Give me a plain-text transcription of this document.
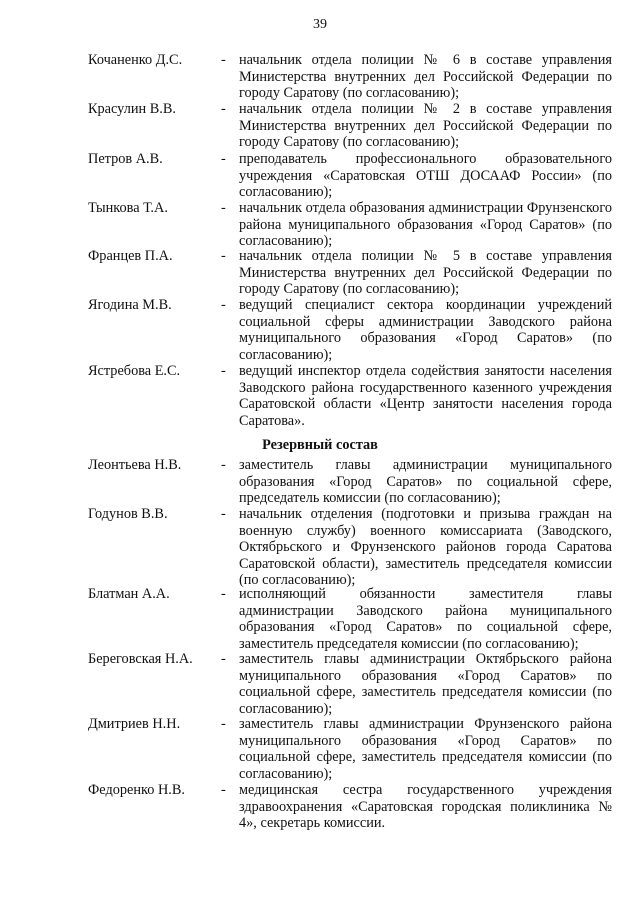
39
Кочаненко Д.С.	- начальник отдела полиции № 6 в составе управления Министерства внутренних дел Российской Федерации по городу Саратову (по согласованию);
Красулин В.В.	- начальник отдела полиции № 2 в составе управления Министерства внутренних дел Российской Федерации по городу Саратову (по согласованию);
Петров А.В.	- преподаватель профессионального образовательного учреждения «Саратовская ОТШ ДОСААФ России» (по согласованию);
Тынкова Т.А.	- начальник отдела образования администрации Фрунзенского района муниципального образования «Город Саратов» (по согласованию);
Францев П.А.	- начальник отдела полиции № 5 в составе управления Министерства внутренних дел Российской Федерации по городу Саратову (по согласованию);
Ягодина М.В.	- ведущий специалист сектора координации учреждений социальной сферы администрации Заводского района муниципального образования «Город Саратов» (по согласованию);
Ястребова Е.С.	- ведущий инспектор отдела содействия занятости населения Заводского района государственного казенного учреждения Саратовской области «Центр занятости населения города Саратова».
Резервный состав
Леонтьева Н.В.	- заместитель главы администрации муниципального образования «Город Саратов» по социальной сфере, председатель комиссии (по согласованию);
Годунов В.В.	- начальник отделения (подготовки и призыва граждан на военную службу) военного комиссариата (Заводского, Октябрьского и Фрунзенского районов города Саратова Саратовской области), заместитель председателя комиссии (по согласованию);
Блатман А.А.	- исполняющий обязанности заместителя главы администрации Заводского района муниципального образования «Город Саратов» по социальной сфере, заместитель председателя комиссии (по согласованию);
Береговская Н.А.	- заместитель главы администрации Октябрьского района муниципального образования «Город Саратов» по социальной сфере, заместитель председателя комиссии (по согласованию);
Дмитриев Н.Н.	- заместитель главы администрации Фрунзенского района муниципального образования «Город Саратов» по социальной сфере, заместитель председателя комиссии (по согласованию);
Федоренко Н.В.	- медицинская сестра государственного учреждения здравоохранения «Саратовская городская поликлиника № 4», секретарь комиссии.
